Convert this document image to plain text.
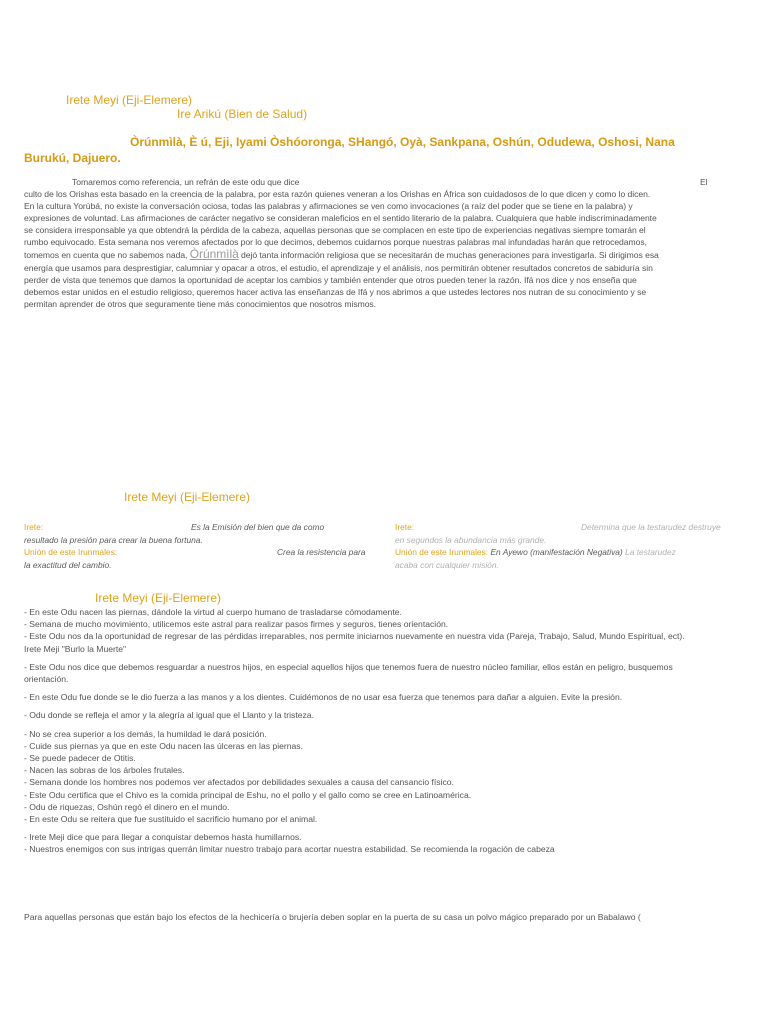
Irete Meyi (Eji-Elemere)
Ire Arikú (Bien de Salud)
Òrúnmìlà, È ú, Eji, Iyami Òshóoronga, SHangó, Oyà, Sankpana, Oshún, Odudewa, Oshosi, Nana
Burukú, Dajuero.
Tomaremos como referencia, un refrán de este odu que dice	El
culto de los Orishas esta basado en la creencia de la palabra, por esta razón quienes veneran a los Orishas en África son cuidadosos de lo que dicen y como lo dicen.
En la cultura Yorùbá, no existe la conversación ociosa, todas las palabras y afirmaciones se ven como invocaciones (a raíz del poder que se tiene en la palabra) y
expresiones de voluntad. Las afirmaciones de carácter negativo se consideran maleficios en el sentido literario de la palabra. Cualquiera que hable indiscriminadamente
se considera irresponsable ya que obtendrá la pérdida de la cabeza, aquellas personas que se complacen en este tipo de experiencias negativas siempre tomarán el
rumbo equivocado. Esta semana nos veremos afectados por lo que decimos, debemos cuidarnos porque nuestras palabras mal infundadas harán que retrocedamos,
tomemos en cuenta que no sabemos nada, Òrúnmìlà dejó tanta información religiosa que se necesitarán de muchas generaciones para investigarla. Si dirigimos esa
energía que usamos para desprestigiar, calumniar y opacar a otros, el estudio, el aprendizaje y el análisis, nos permitirán obtener resultados concretos de sabiduría sin
perder de vista que tenemos que damos la oportunidad de aceptar los cambios y también entender que otros pueden tener la razón. Ifá nos dice y nos enseña que
debemos estar unidos en el estudio religioso, queremos hacer activa las enseñanzas de Ifá y nos abrimos a que ustedes lectores nos nutran de su conocimiento y se
permitan aprender de otros que seguramente tiene más conocimientos que nosotros mismos.
Irete Meyi (Eji-Elemere)
Irete:	Es la Emisión del bien que da como
resultado la presión para crear la buena fortuna.
Unión de este Irunmales:	Crea la resistencia para
la exactitud del cambio.
Irete:	Determina que la testarudez destruye
en segundos la abundancia más grande.
Unión de este Irunmales: En Ayewo (manifestación Negativa) La testarudez
acaba con cualquier misión.
Irete Meyi (Eji-Elemere)
- En este Odu nacen las piernas, dándole la virtud al cuerpo humano de trasladarse cómodamente.
- Semana de mucho movimiento, utilicemos este astral para realizar pasos firmes y seguros, tienes orientación.
- Este Odu nos da la oportunidad de regresar de las pérdidas irreparables, nos permite iniciarnos nuevamente en nuestra vida (Pareja, Trabajo, Salud, Mundo Espiritual, ect).
Irete Meji "Burlo la Muerte"
- Este Odu nos dice que debemos resguardar a nuestros hijos, en especial aquellos hijos que tenemos fuera de nuestro núcleo familiar, ellos están en peligro, busquemos
orientación.
- En este Odu fue donde se le dio fuerza a las manos y a los dientes. Cuidémonos de no usar esa fuerza que tenemos para dañar a alguien. Evite la presión.
- Odu donde se refleja el amor y la alegría al igual que el Llanto y la tristeza.
- No se crea superior a los demás, la humildad le dará posición.
- Cuide sus piernas ya que en este Odu nacen las úlceras en las piernas.
- Se puede padecer de Otitis.
- Nacen las sobras de los árboles frutales.
- Semana donde los hombres nos podemos ver afectados por debilidades sexuales a causa del cansancio físico.
- Este Odu certifica que el Chivo es la comida principal de Eshu, no el pollo y el gallo como se cree en Latinoamérica.
- Odu de riquezas, Oshún regó el dinero en el mundo.
- En este Odu se reitera que fue sustituido el sacrificio humano por el animal.
- Irete Meji dice que para llegar a conquistar debemos hasta humillarnos.
- Nuestros enemigos con sus intrigas querrán limitar nuestro trabajo para acortar nuestra estabilidad. Se recomienda la rogación de cabeza
Para aquellas personas que están bajo los efectos de la hechicería o brujería deben soplar en la puerta de su casa un polvo mágico preparado por un Babalawo (
